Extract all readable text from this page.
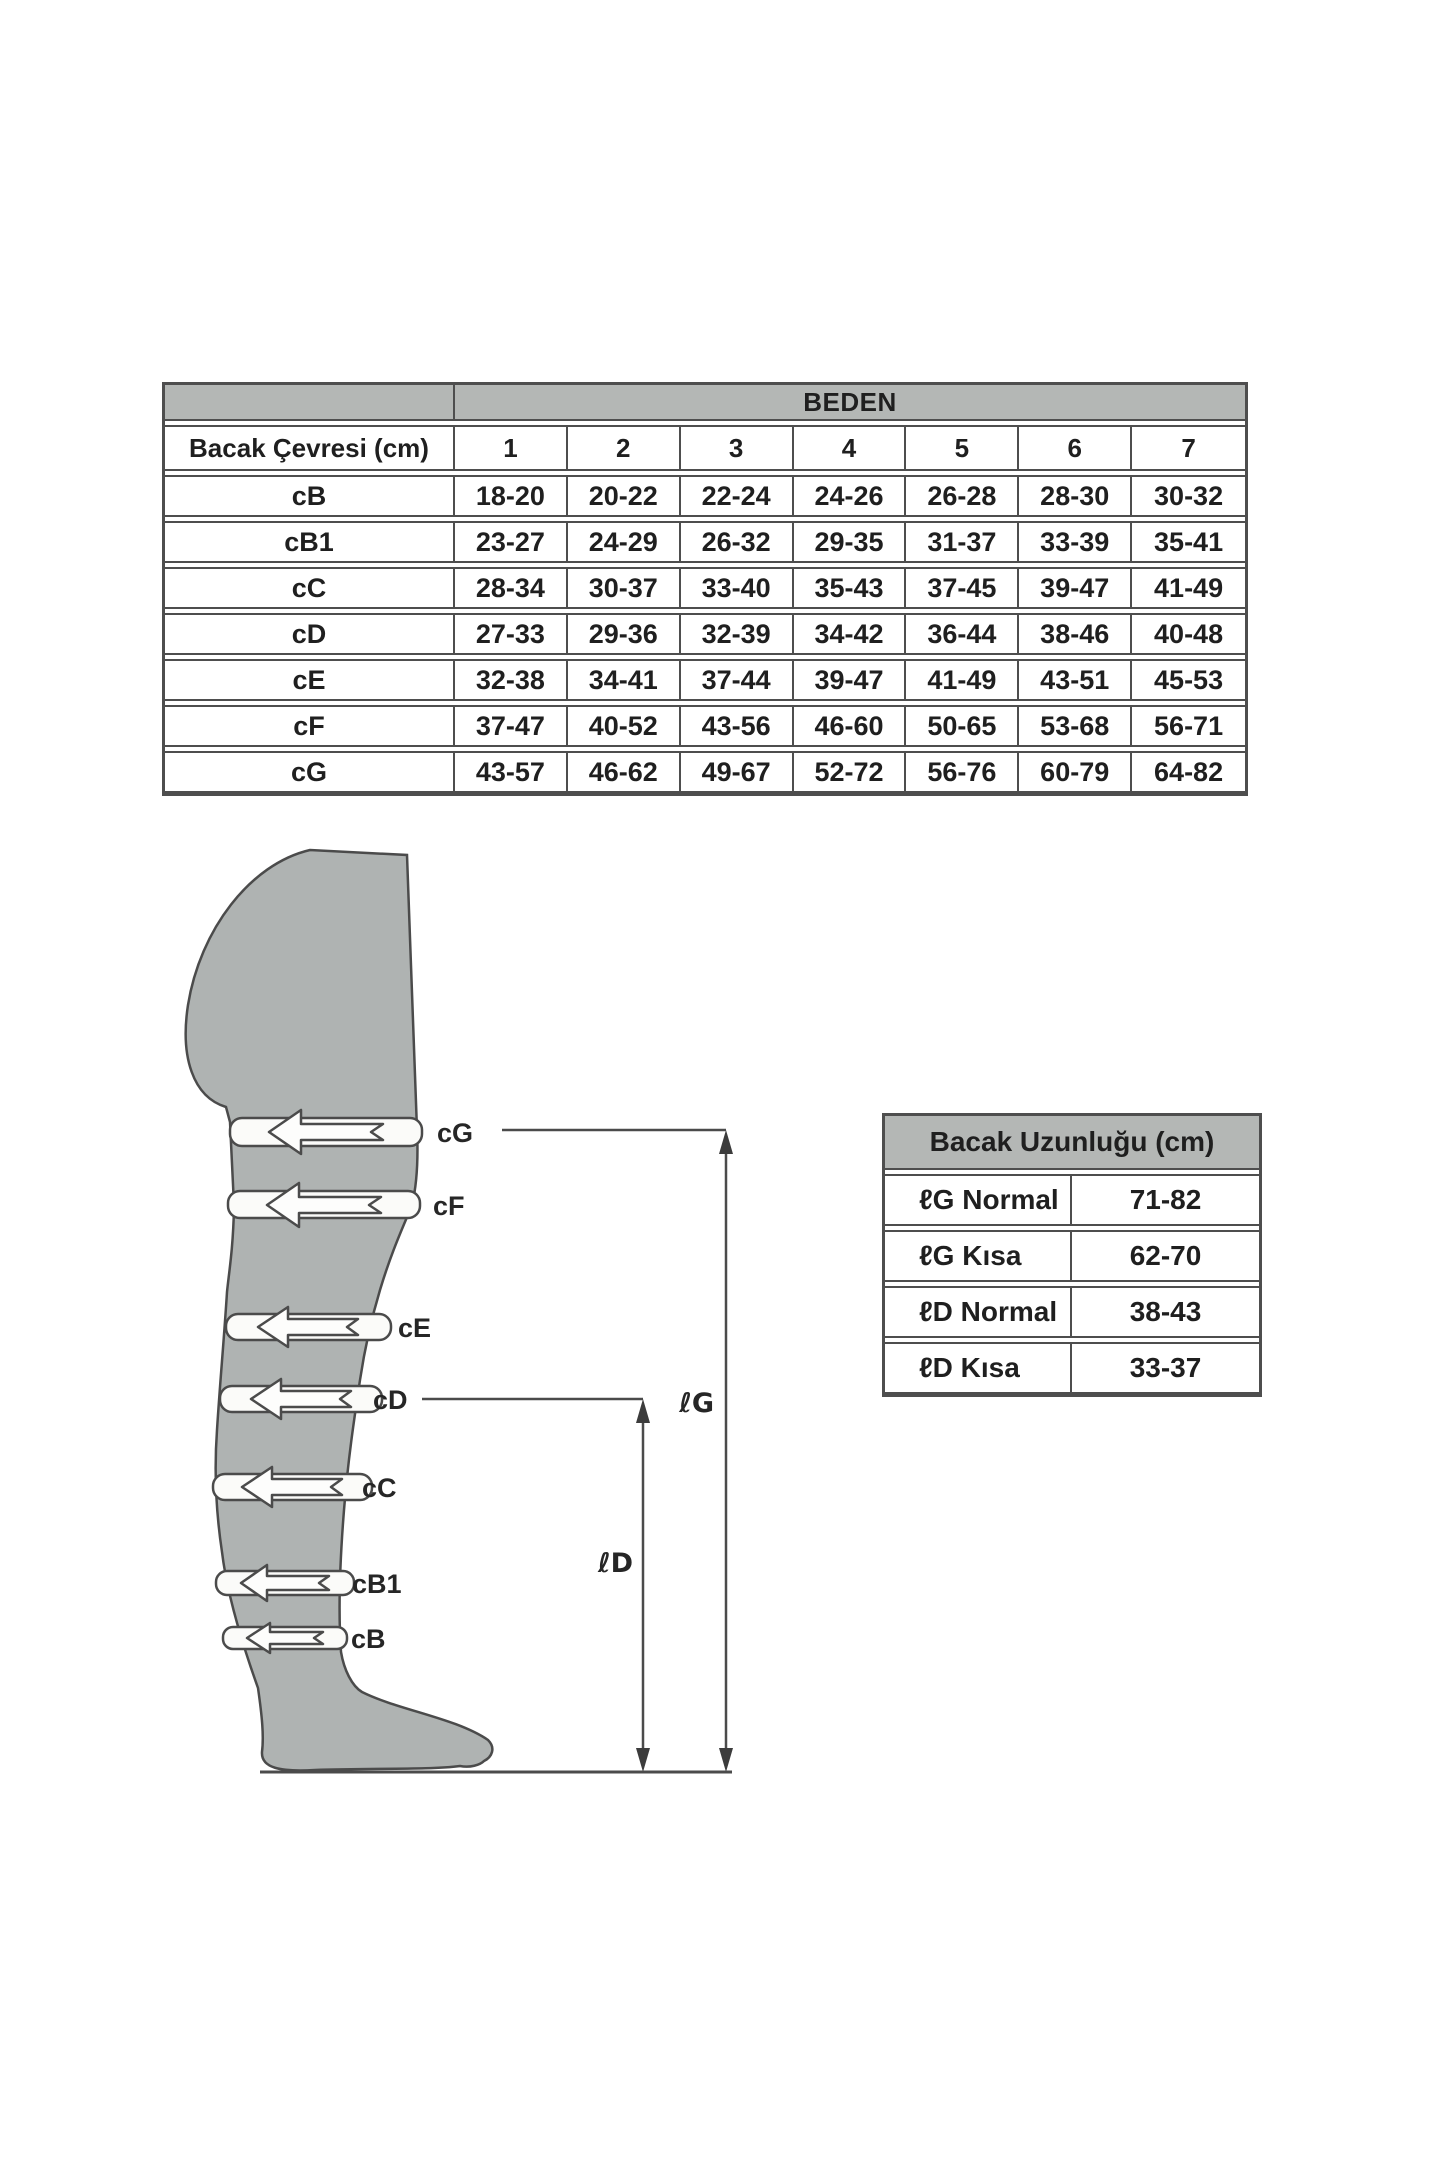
BEDEN
Bacak Çevresi (cm)	1	2	3	4	5	6	7
cB	18-20	20-22	22-24	24-26	26-28	28-30	30-32
cB1	23-27	24-29	26-32	29-35	31-37	33-39	35-41
cC	28-34	30-37	33-40	35-43	37-45	39-47	41-49
cD	27-33	29-36	32-39	34-42	36-44	38-46	40-48
cE	32-38	34-41	37-44	39-47	41-49	43-51	45-53
cF	37-47	40-52	43-56	46-60	50-65	53-68	56-71
cG	43-57	46-62	49-67	52-72	56-76	60-79	64-82
cG
cF
cE
cD
cC
cB1
cB
ℓG
ℓD
Bacak Uzunluğu (cm)
ℓG Normal	71-82
ℓG Kısa	62-70
ℓD Normal	38-43
ℓD Kısa	33-37
